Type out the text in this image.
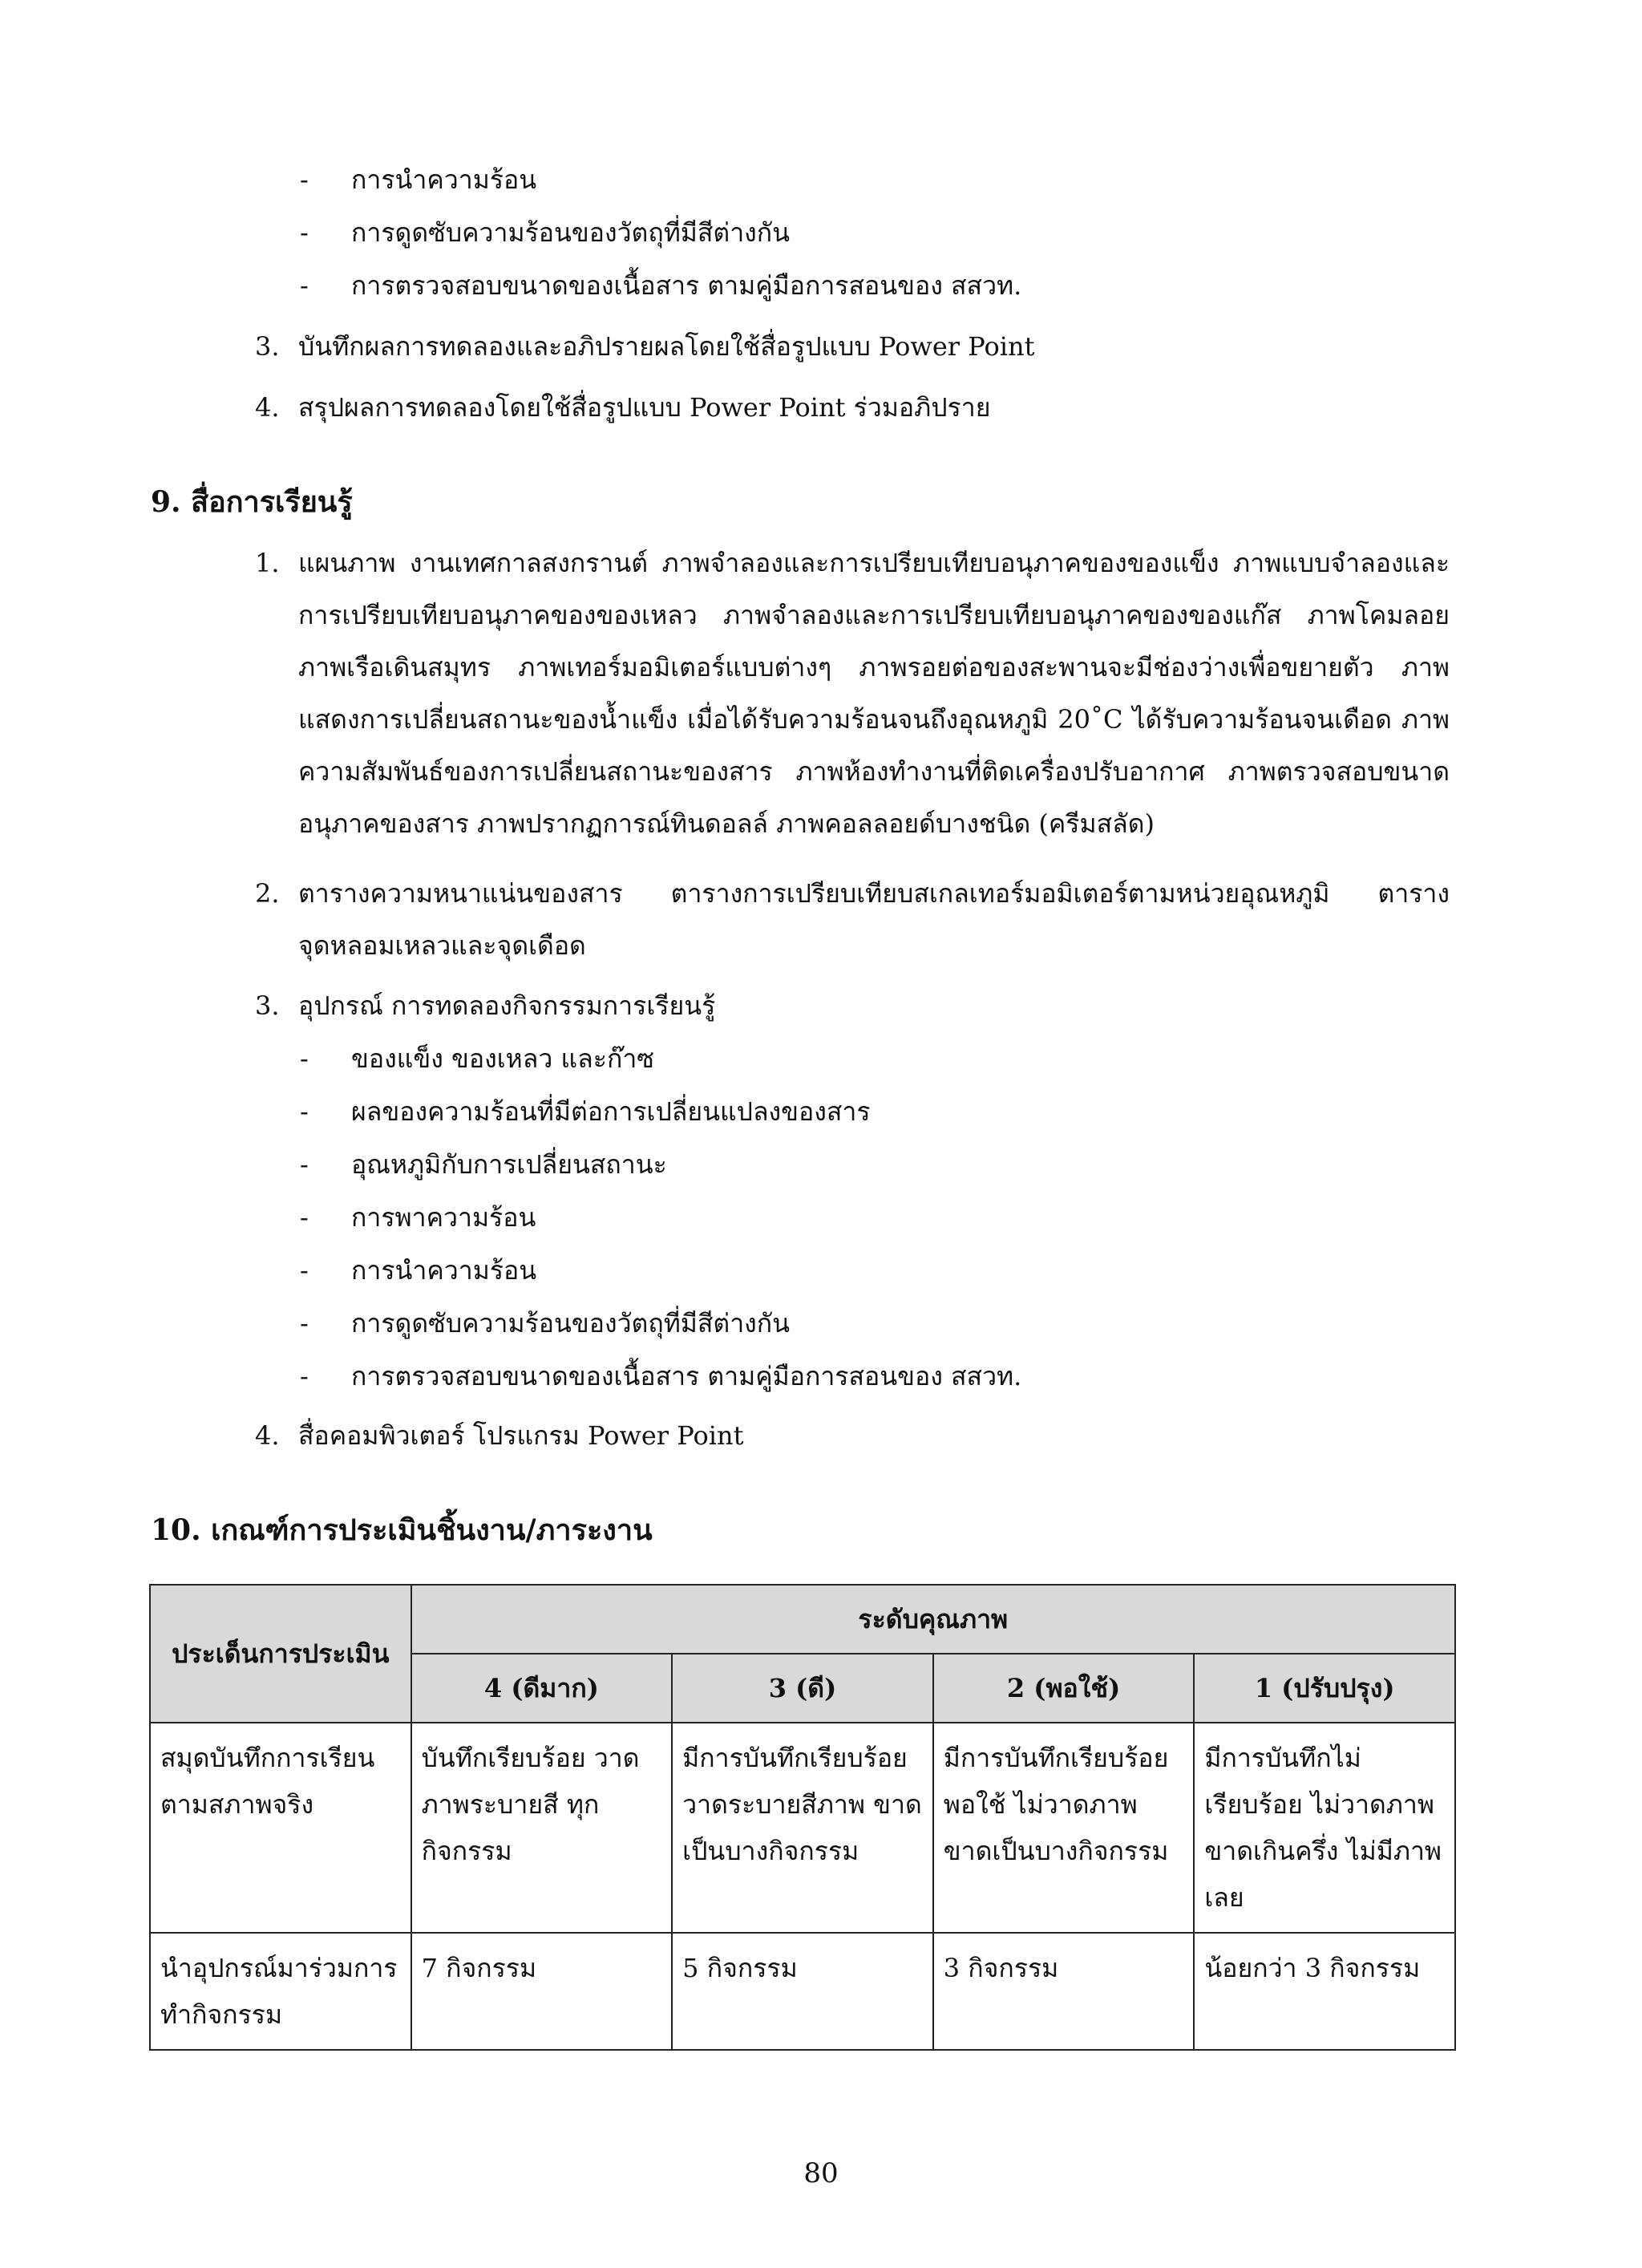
- การนำความร้อน
- การดูดซับความร้อนของวัตถุที่มีสีต่างกัน
- การตรวจสอบขนาดของเนื้อสาร ตามคู่มือการสอนของ สสวท.
3. บันทึกผลการทดลองและอภิปรายผลโดยใช้สื่อรูปแบบ Power Point
4. สรุปผลการทดลองโดยใช้สื่อรูปแบบ Power Point ร่วมอภิปราย
9. สื่อการเรียนรู้
1. แผนภาพ งานเทศกาลสงกรานต์ ภาพจำลองและการเปรียบเทียบอนุภาคของของแข็ง ภาพแบบจำลองและการเปรียบเทียบอนุภาคของของเหลว ภาพจำลองและการเปรียบเทียบอนุภาคของของแก๊ส ภาพโคมลอย ภาพเรือเดินสมุทร ภาพเทอร์มอมิเตอร์แบบต่างๆ ภาพรอยต่อของสะพานจะมีช่องว่างเพื่อขยายตัว ภาพแสดงการเปลี่ยนสถานะของน้ำแข็ง เมื่อได้รับความร้อนจนถึงอุณหภูมิ 20˚C ได้รับความร้อนจนเดือด ภาพความสัมพันธ์ของการเปลี่ยนสถานะของสาร ภาพห้องทำงานที่ติดเครื่องปรับอากาศ ภาพตรวจสอบขนาดอนุภาคของสาร ภาพปรากฏการณ์ทินดอลล์ ภาพคอลลอยด์บางชนิด (ครีมสลัด)
2. ตารางความหนาแน่นของสาร ตารางการเปรียบเทียบสเกลเทอร์มอมิเตอร์ตามหน่วยอุณหภูมิ ตารางจุดหลอมเหลวและจุดเดือด
3. อุปกรณ์ การทดลองกิจกรรมการเรียนรู้
- ของแข็ง ของเหลว และก๊าซ
- ผลของความร้อนที่มีต่อการเปลี่ยนแปลงของสาร
- อุณหภูมิกับการเปลี่ยนสถานะ
- การพาความร้อน
- การนำความร้อน
- การดูดซับความร้อนของวัตถุที่มีสีต่างกัน
- การตรวจสอบขนาดของเนื้อสาร ตามคู่มือการสอนของ สสวท.
4. สื่อคอมพิวเตอร์ โปรแกรม Power Point
10. เกณฑ์การประเมินชิ้นงาน/ภาระงาน
ประเด็นการประเมิน	ระดับคุณภาพ			
	4 (ดีมาก)	3 (ดี)	2 (พอใช้)	1 (ปรับปรุง)
สมุดบันทึกการเรียนตามสภาพจริง	บันทึกเรียบร้อย วาดภาพระบายสี ทุกกิจกรรม	มีการบันทึกเรียบร้อย วาดระบายสีภาพ ขาดเป็นบางกิจกรรม	มีการบันทึกเรียบร้อย พอใช้ ไม่วาดภาพ ขาดเป็นบางกิจกรรม	มีการบันทึกไม่เรียบร้อย ไม่วาดภาพ ขาดเกินครึ่ง ไม่มีภาพเลย
นำอุปกรณ์มาร่วมการทำกิจกรรม	7 กิจกรรม	5 กิจกรรม	3 กิจกรรม	น้อยกว่า 3 กิจกรรม
80
